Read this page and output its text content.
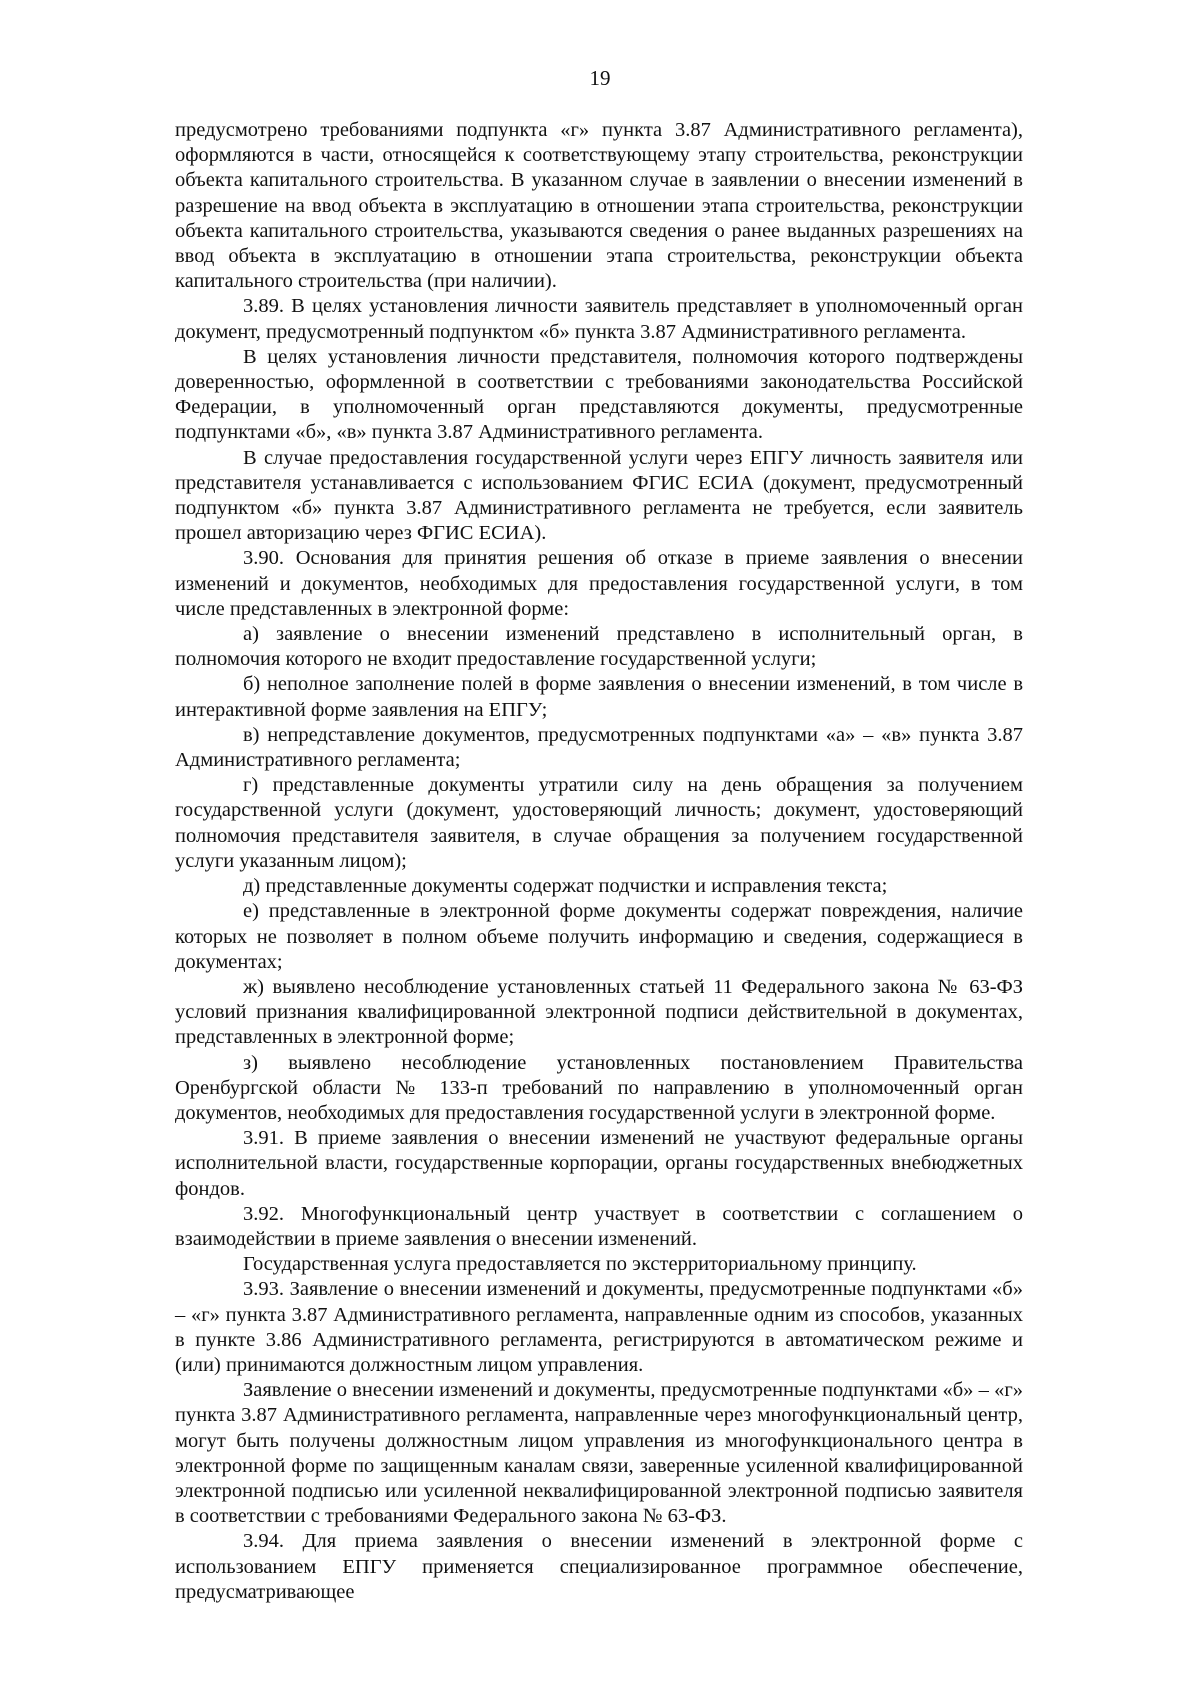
19

предусмотрено требованиями подпункта «г» пункта 3.87 Административного регламента), оформляются в части, относящейся к соответствующему этапу строительства, реконструкции объекта капитального строительства. В указанном случае в заявлении о внесении изменений в разрешение на ввод объекта в эксплуатацию в отношении этапа строительства, реконструкции объекта капитального строительства, указываются сведения о ранее выданных разрешениях на ввод объекта в эксплуатацию в отношении этапа строительства, реконструкции объекта капитального строительства (при наличии).

3.89. В целях установления личности заявитель представляет в уполномоченный орган документ, предусмотренный подпунктом «б» пункта 3.87 Административного регламента.

В целях установления личности представителя, полномочия которого подтверждены доверенностью, оформленной в соответствии с требованиями законодательства Российской Федерации, в уполномоченный орган представляются документы, предусмотренные подпунктами «б», «в» пункта 3.87 Административного регламента.

В случае предоставления государственной услуги через ЕПГУ личность заявителя или представителя устанавливается с использованием ФГИС ЕСИА (документ, предусмотренный подпунктом «б» пункта 3.87 Административного регламента не требуется, если заявитель прошел авторизацию через ФГИС ЕСИА).

3.90. Основания для принятия решения об отказе в приеме заявления о внесении изменений и документов, необходимых для предоставления государственной услуги, в том числе представленных в электронной форме:

а) заявление о внесении изменений представлено в исполнительный орган, в полномочия которого не входит предоставление государственной услуги;

б) неполное заполнение полей в форме заявления о внесении изменений, в том числе в интерактивной форме заявления на ЕПГУ;

в) непредставление документов, предусмотренных подпунктами «а» – «в» пункта 3.87 Административного регламента;

г) представленные документы утратили силу на день обращения за получением государственной услуги (документ, удостоверяющий личность; документ, удостоверяющий полномочия представителя заявителя, в случае обращения за получением государственной услуги указанным лицом);

д) представленные документы содержат подчистки и исправления текста;

е) представленные в электронной форме документы содержат повреждения, наличие которых не позволяет в полном объеме получить информацию и сведения, содержащиеся в документах;

ж) выявлено несоблюдение установленных статьей 11 Федерального закона № 63-ФЗ условий признания квалифицированной электронной подписи действительной в документах, представленных в электронной форме;

з) выявлено несоблюдение установленных постановлением Правительства Оренбургской области № 133-п требований по направлению в уполномоченный орган документов, необходимых для предоставления государственной услуги в электронной форме.

3.91. В приеме заявления о внесении изменений не участвуют федеральные органы исполнительной власти, государственные корпорации, органы государственных внебюджетных фондов.

3.92. Многофункциональный центр участвует в соответствии с соглашением о взаимодействии в приеме заявления о внесении изменений.

Государственная услуга предоставляется по экстерриториальному принципу.

3.93. Заявление о внесении изменений и документы, предусмотренные подпунктами «б» – «г» пункта 3.87 Административного регламента, направленные одним из способов, указанных в пункте 3.86 Административного регламента, регистрируются в автоматическом режиме и (или) принимаются должностным лицом управления.

Заявление о внесении изменений и документы, предусмотренные подпунктами «б» – «г» пункта 3.87 Административного регламента, направленные через многофункциональный центр, могут быть получены должностным лицом управления из многофункционального центра в электронной форме по защищенным каналам связи, заверенные усиленной квалифицированной электронной подписью или усиленной неквалифицированной электронной подписью заявителя в соответствии с требованиями Федерального закона № 63-ФЗ.

3.94. Для приема заявления о внесении изменений в электронной форме с использованием ЕПГУ применяется специализированное программное обеспечение, предусматривающее
